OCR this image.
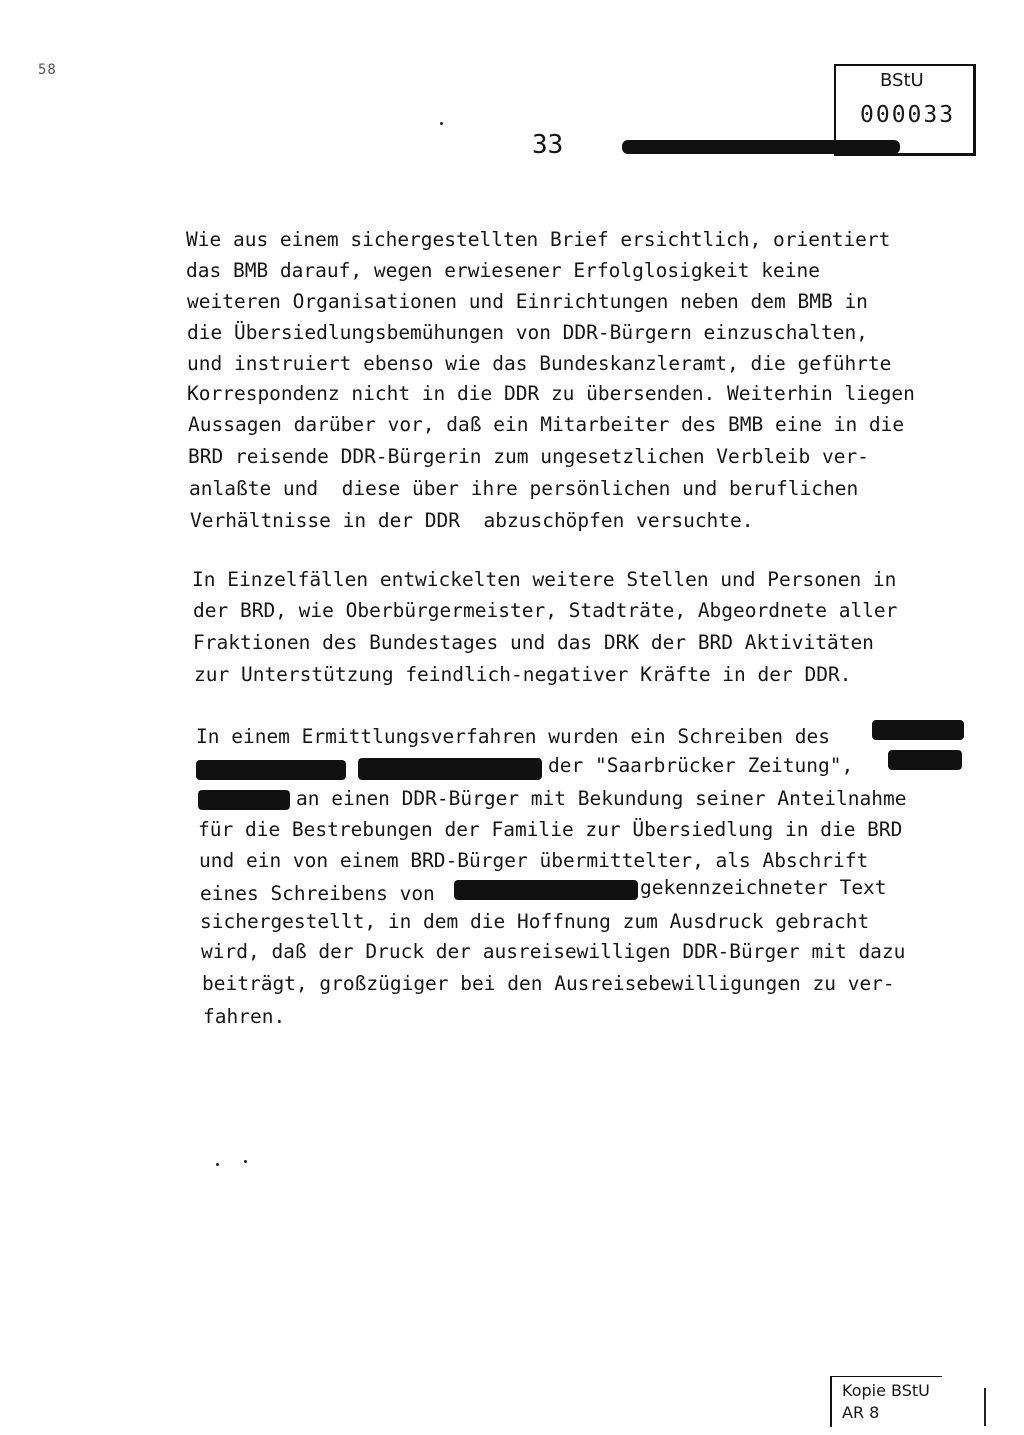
58
33
BStU
000033
Wie aus einem sichergestellten Brief ersichtlich, orientiert
das BMB darauf, wegen erwiesener Erfolglosigkeit keine
weiteren Organisationen und Einrichtungen neben dem BMB in
die Übersiedlungsbemühungen von DDR-Bürgern einzuschalten,
und instruiert ebenso wie das Bundeskanzleramt, die geführte
Korrespondenz nicht in die DDR zu übersenden. Weiterhin liegen
Aussagen darüber vor, daß ein Mitarbeiter des BMB eine in die
BRD reisende DDR-Bürgerin zum ungesetzlichen Verbleib ver-
anlaßte und  diese über ihre persönlichen und beruflichen
Verhältnisse in der DDR  abzuschöpfen versuchte.
In Einzelfällen entwickelten weitere Stellen und Personen in
der BRD, wie Oberbürgermeister, Stadträte, Abgeordnete aller
Fraktionen des Bundestages und das DRK der BRD Aktivitäten
zur Unterstützung feindlich-negativer Kräfte in der DDR.
In einem Ermittlungsverfahren wurden ein Schreiben des
der "Saarbrücker Zeitung",
an einen DDR-Bürger mit Bekundung seiner Anteilnahme
für die Bestrebungen der Familie zur Übersiedlung in die BRD
und ein von einem BRD-Bürger übermittelter, als Abschrift
eines Schreibens von	gekennzeichneter Text
sichergestellt, in dem die Hoffnung zum Ausdruck gebracht
wird, daß der Druck der ausreisewilligen DDR-Bürger mit dazu
beiträgt, großzügiger bei den Ausreisebewilligungen zu ver-
fahren.
Kopie BStU
AR 8
